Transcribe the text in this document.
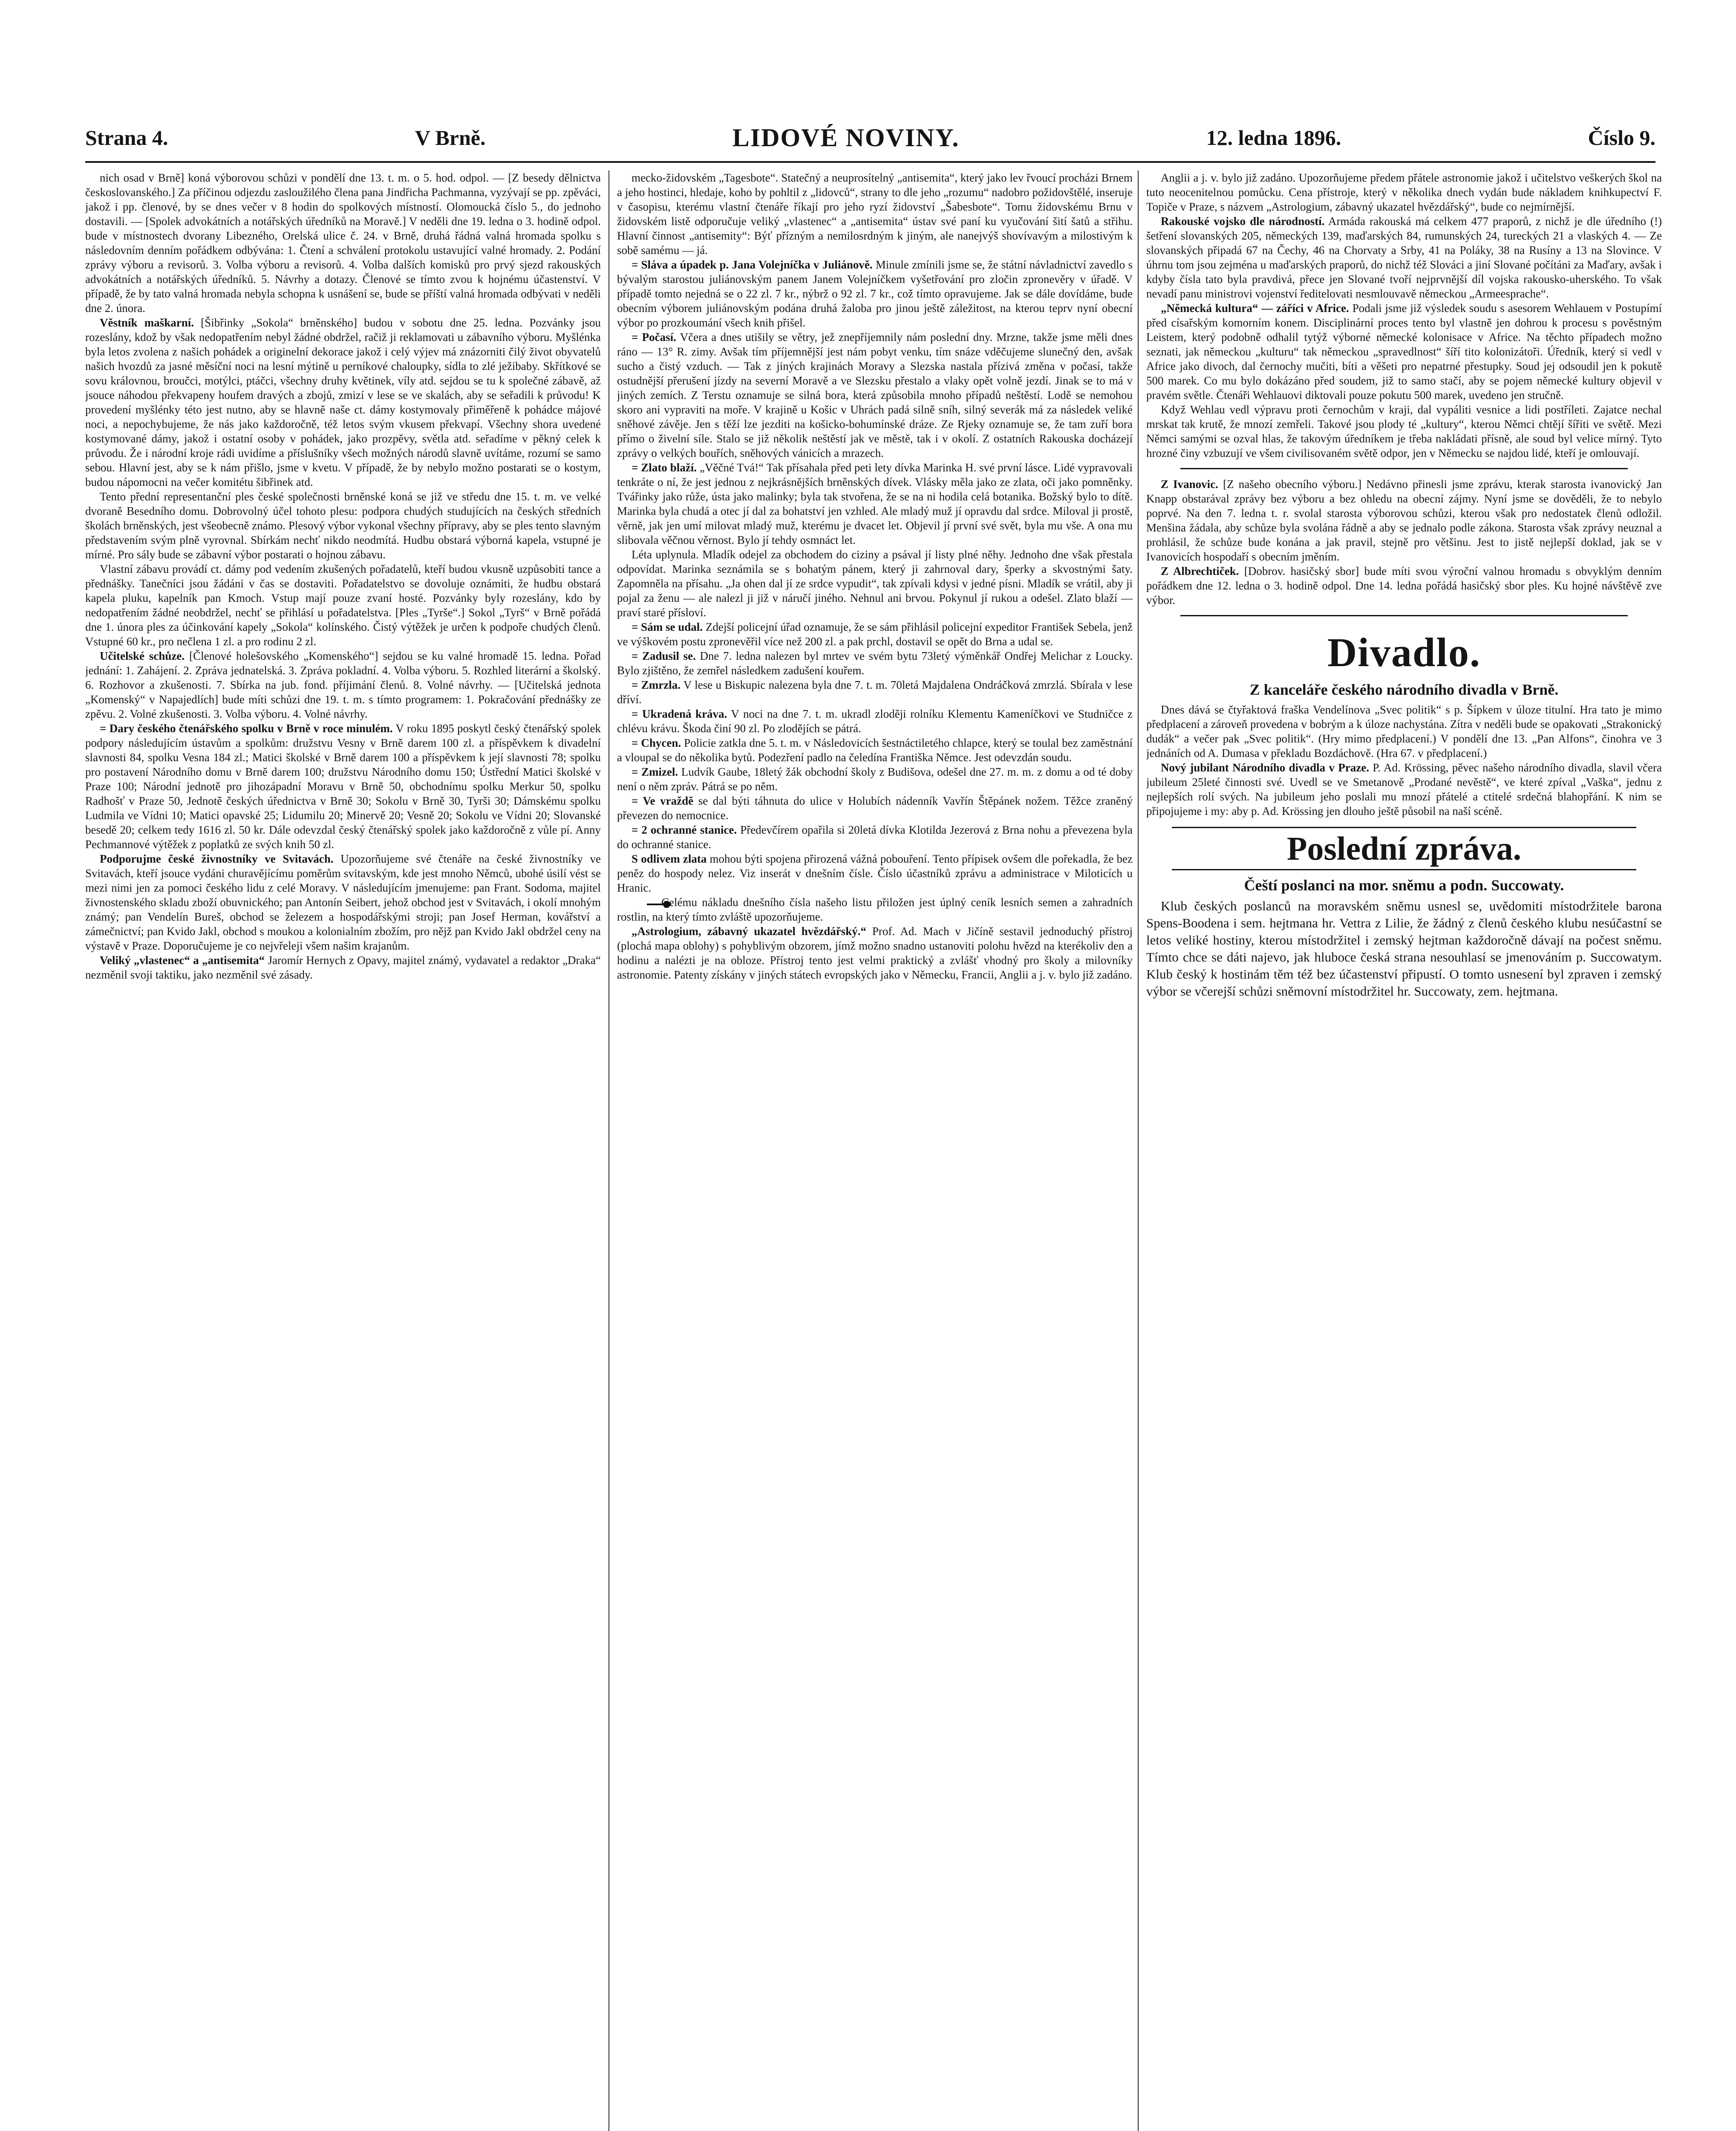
Strana 4.	V Brně.	LIDOVÉ NOVINY.	12. ledna 1896.	Číslo 9.

nich osad v Brně] koná výborovou schůzi v pondělí dne 13. t. m. o 5. hod. odpol. — [Z besedy dělnictva českoslovanského.] Za příčinou odjezdu zasloužilého člena pana Jindřicha Pachmanna, vyzývají se pp. zpěváci, jakož i pp. členové, by se dnes večer v 8 hodin do spolkových místností. Olomoucká číslo 5., do jednoho dostavili. — [Spolek advokátních a notářských úředníků na Moravě.] V neděli dne 19. ledna o 3. hodině odpol. bude v místnostech dvorany Libezného, Orelská ulice č. 24. v Brně, druhá řádná valná hromada spolku s následovním denním pořádkem odbývána: 1. Čtení a schválení protokolu ustavující valné hromady. 2. Podání zprávy výboru a revisorů. 3. Volba výboru a revisorů. 4. Volba dalších komisků pro prvý sjezd rakouských advokátních a notářských úředníků. 5. Návrhy a dotazy. Členové se tímto zvou k hojnému účastenství. V případě, že by tato valná hromada nebyla schopna k usnášení se, bude se příští valná hromada odbývati v neděli dne 2. února.

Věstník maškarní. [Šibřinky „Sokola“ brněnského] budou v sobotu dne 25. ledna. Pozvánky jsou rozeslány, kdož by však nedopatřením nebyl žádné obdržel, račiž ji reklamovati u zábavního výboru. Myšlénka byla letos zvolena z našich pohádek a originelní dekorace jakož i celý výjev má znázorniti čilý život obyvatelů našich hvozdů za jasné měsíční noci na lesní mýtině u perníkové chaloupky, sídla to zlé ježibaby. Skřítkové se sovu královnou, broučci, motýlci, ptáčci, všechny druhy květinek, víly atd. sejdou se tu k společné zábavě, až jsouce náhodou překvapeny houfem dravých a zbojů, zmizí v lese se ve skalách, aby se seřadili k průvodu! K provedení myšlénky této jest nutno, aby se hlavně naše ct. dámy kostymovaly přiměřeně k pohádce májové noci, a nepochybujeme, že nás jako každoročně, též letos svým vkusem překvapí. Všechny shora uvedené kostymované dámy, jakož i ostatní osoby v pohádek, jako prozpěvy, světla atd. seřadíme v pěkný celek k průvodu. Že i národní kroje rádi uvidíme a příslušníky všech možných národů slavně uvítáme, rozumí se samo sebou. Hlavní jest, aby se k nám přišlo, jsme v kvetu. V případě, že by nebylo možno postarati se o kostym, budou nápomocni na večer komitétu šibřinek atd.

Tento přední representanční ples české společnosti brněnské koná se již ve středu dne 15. t. m. ve velké dvoraně Besedního domu. Dobrovolný účel tohoto plesu: podpora chudých studujících na českých středních školách brněnských, jest všeobecně známo. Plesový výbor vykonal všechny přípravy, aby se ples tento slavným představením svým plně vyrovnal. Sbírkám nechť nikdo neodmítá. Hudbu obstará výborná kapela, vstupné je mírné. Pro sály bude se zábavní výbor postarati o hojnou zábavu.

Vlastní zábavu provádí ct. dámy pod vedením zkušených pořadatelů, kteří budou vkusně uzpůsobiti tance a přednášky. Tanečníci jsou žádáni v čas se dostaviti. Pořadatelstvo se dovoluje oznámiti, že hudbu obstará kapela pluku, kapelník pan Kmoch. Vstup mají pouze zvaní hosté. Pozvánky byly rozeslány, kdo by nedopatřením žádné neobdržel, nechť se přihlásí u pořadatelstva. [Ples „Tyrše“.] Sokol „Tyrš“ v Brně pořádá dne 1. února ples za účinkování kapely „Sokola“ kolínského. Čistý výtěžek je určen k podpoře chudých členů. Vstupné 60 kr., pro nečlena 1 zl. a pro rodinu 2 zl.

Učitelské schůze. [Členové holešovského „Komenského“] sejdou se ku valné hromadě 15. ledna. Pořad jednání: 1. Zahájení. 2. Zpráva jednatelská. 3. Zpráva pokladní. 4. Volba výboru. 5. Rozhled literární a školský. 6. Rozhovor a zkušenosti. 7. Sbírka na jub. fond. příjimání členů. 8. Volné návrhy. — [Učitelská jednota „Komenský“ v Napajedlích] bude míti schůzi dne 19. t. m. s tímto programem: 1. Pokračování přednášky ze zpěvu. 2. Volné zkušenosti. 3. Volba výboru. 4. Volné návrhy.

= Dary českého čtenářského spolku v Brně v roce minulém. V roku 1895 poskytl český čtenářský spolek podpory následujícím ústavům a spolkům: družstvu Vesny v Brně darem 100 zl. a příspěvkem k divadelní slavnosti 84, spolku Vesna 184 zl.; Matici školské v Brně darem 100 a příspěvkem k její slavnosti 78; spolku pro postavení Národního domu v Brně darem 100; družstvu Národního domu 150; Ústřední Matici školské v Praze 100; Národní jednotě pro jihozápadní Moravu v Brně 50, obchodnímu spolku Merkur 50, spolku Radhošť v Praze 50, Jednotě českých úřednictva v Brně 30; Sokolu v Brně 30, Tyrši 30; Dámskému spolku Ludmila ve Vídni 10; Matici opavské 25; Lidumilu 20; Minervě 20; Vesně 20; Sokolu ve Vídni 20; Slovanské besedě 20; celkem tedy 1616 zl. 50 kr. Dále odevzdal český čtenářský spolek jako každoročně z vůle pí. Anny Pechmannové výtěžek z poplatků ze svých knih 50 zl.

Podporujme české živnostníky ve Svitavách. Upozorňujeme své čtenáře na české živnostníky ve Svitavách, kteří jsouce vydáni churavějícímu poměrům svitavským, kde jest mnoho Němců, ubohé úsilí vést se mezi nimi jen za pomoci českého lidu z celé Moravy. V následujícím jmenujeme: pan Frant. Sodoma, majitel živnostenského skladu zboží obuvnického; pan Antonín Seibert, jehož obchod jest v Svitavách, i okolí mnohým známý; pan Vendelín Bureš, obchod se železem a hospodářskými stroji; pan Josef Herman, kovářství a zámečnictví; pan Kvido Jakl, obchod s moukou a kolonialním zbožím, pro nějž pan Kvido Jakl obdržel ceny na výstavě v Praze. Doporučujeme je co nejvřeleji všem našim krajanům.

Veliký „vlastenec“ a „antisemita“ Jaromír Hernych z Opavy, majitel známý, vydavatel a redaktor „Draka“ nezměnil svoji taktiku, jako nezměnil své zásady.

mecko-židovském „Tagesbote“. Statečný a neuprosítelný „antisemita“, který jako lev řvoucí procházi Brnem a jeho hostinci, hledaje, koho by pohltil z „lidovců“, strany to dle jeho „rozumu“ nadobro požidovštělé, inseruje v časopisu, kterému vlastní čtenáře říkají pro jeho ryzí židovství „Šabesbote“. Tomu židovskému Brnu v židovském listě odporučuje veliký „vlastenec“ a „antisemita“ ústav své paní ku vyučování šití šatů a střihu. Hlavní činnost „antisemity“: Býť přízným a nemilosrdným k jiným, ale nanejvýš shovívavým a milostivým k sobě samému — já.

= Sláva a úpadek p. Jana Volejníčka v Juliánově. Minule zmínili jsme se, že státní návladnictví zavedlo s bývalým starostou juliánovským panem Janem Volejníčkem vyšetřování pro zločin zpronevěry v úřadě. V případě tomto nejedná se o 22 zl. 7 kr., nýbrž o 92 zl. 7 kr., což tímto opravujeme. Jak se dále dovídáme, bude obecním výborem juliánovským podána druhá žaloba pro jinou ještě záležitost, na kterou teprv nyní obecní výbor po prozkoumání všech knih přišel.

= Počasí. Včera a dnes utišily se větry, jež znepříjemnily nám poslední dny. Mrzne, takže jsme měli dnes ráno — 13° R. zimy. Avšak tím příjemnější jest nám pobyt venku, tím snáze vděčujeme slunečný den, avšak sucho a čistý vzduch. — Tak z jiných krajinách Moravy a Slezska nastala přízivá změna v počasí, takže ostudnější přerušení jízdy na severní Moravě a ve Slezsku přestalo a vlaky opět volně jezdí. Jinak se to má v jiných zemích. Z Terstu oznamuje se silná bora, která způsobila mnoho případů neštěstí. Lodě se nemohou skoro ani vypraviti na moře. V krajině u Košic v Uhrách padá silně sníh, silný severák má za následek veliké sněhové závěje. Jen s těží lze jezditi na košicko-bohumínské dráze. Ze Rjeky oznamuje se, že tam zuří bora přímo o živelní síle. Stalo se již několik neštěstí jak ve městě, tak i v okolí. Z ostatních Rakouska docházejí zprávy o velkých bouřích, sněhových vánicích a mrazech.

= Zlato blaží. „Věčné Tvá!“ Tak přísahala před peti lety dívka Marinka H. své první lásce. Lidé vypravovali tenkráte o ní, že jest jednou z nejkrásnějších brněnských dívek. Vlásky měla jako ze zlata, oči jako pomněnky. Tvářinky jako růže, ústa jako malinky; byla tak stvořena, že se na ni hodila celá botanika. Božský bylo to dítě. Marinka byla chudá a otec jí dal za bohatství jen vzhled. Ale mladý muž jí opravdu dal srdce. Miloval ji prostě, věrně, jak jen umí milovat mladý muž, kterému je dvacet let. Objevil jí první své svět, byla mu vše. A ona mu slibovala věčnou věrnost. Bylo jí tehdy osmnáct let.

Léta uplynula. Mladík odejel za obchodem do ciziny a psával jí listy plné něhy. Jednoho dne však přestala odpovídat. Marinka seznámila se s bohatým pánem, který ji zahrnoval dary, šperky a skvostnými šaty. Zapomněla na přísahu. „Ja ohen dal jí ze srdce vypudit“, tak zpívali kdysi v jedné písni. Mladík se vrátil, aby ji pojal za ženu — ale nalezl ji již v náručí jiného. Nehnul ani brvou. Pokynul jí rukou a odešel. Zlato blaží — praví staré přísloví.

= Sám se udal. Zdejší policejní úřad oznamuje, že se sám přihlásil policejní expeditor František Sebela, jenž ve výškovém postu zpronevěřil více než 200 zl. a pak prchl, dostavil se opět do Brna a udal se.

= Zadusil se. Dne 7. ledna nalezen byl mrtev ve svém bytu 73letý výměnkář Ondřej Melichar z Loucky. Bylo zjištěno, že zemřel následkem zadušení kouřem.

= Zmrzla. V lese u Biskupic nalezena byla dne 7. t. m. 70letá Majdalena Ondráčková zmrzlá. Sbírala v lese dříví.

= Ukradená kráva. V noci na dne 7. t. m. ukradl zloději rolníku Klementu Kameníčkovi ve Studničce z chlévu krávu. Škoda činí 90 zl. Po zlodějích se pátrá.

= Chycen. Policie zatkla dne 5. t. m. v Následovicích šestnáctiletého chlapce, který se toulal bez zaměstnání a vloupal se do několika bytů. Podezření padlo na čeledína Františka Němce. Jest odevzdán soudu.

= Zmizel. Ludvík Gaube, 18letý žák obchodní školy z Budišova, odešel dne 27. m. m. z domu a od té doby není o něm zpráv. Pátrá se po něm.

= Ve vraždě se dal býti táhnuta do ulice v Holubích nádenník Vavřín Štěpánek nožem. Těžce zraněný převezen do nemocnice.

= 2 ochranné stanice. Předevčírem opařila si 20letá dívka Klotilda Jezerová z Brna nohu a převezena byla do ochranné stanice.

S odlivem zlata mohou býti spojena přirozená vážná pobouření. Tento přípisek ovšem dle pořekadla, že bez peněz do hospody nelez. Viz inserát v dnešním čísle. Číslo účastníků zprávu a administrace v Miloticích u Hranic.

Celému nákladu dnešního čísla našeho listu přiložen jest úplný ceník lesních semen a zahradních rostlin, na který tímto zvláště upozorňujeme.

„Astrologium, zábavný ukazatel hvězdářský.“ Prof. Ad. Mach v Jičíně sestavil jednoduchý přístroj (plochá mapa oblohy) s pohyblivým obzorem, jímž možno snadno ustanoviti polohu hvězd na kterékoliv den a hodinu a nalézti je na obloze. Přístroj tento jest velmi praktický a zvlášť vhodný pro školy a milovníky astronomie. Patenty získány v jiných státech evropských jako v Německu, Francii, Anglii a j. v. bylo již zadáno.

Anglii a j. v. bylo již zadáno. Upozorňujeme předem přátele astronomie jakož i učitelstvo veškerých škol na tuto neocenitelnou pomůcku. Cena přístroje, který v několika dnech vydán bude nákladem knihkupectví F. Topiče v Praze, s názvem „Astrologium, zábavný ukazatel hvězdářský“, bude co nejmírnější.

Rakouské vojsko dle národností. Armáda rakouská má celkem 477 praporů, z nichž je dle úředního (!) šetření slovanských 205, německých 139, maďarských 84, rumunských 24, tureckých 21 a vlaských 4. — Ze slovanských připadá 67 na Čechy, 46 na Chorvaty a Srby, 41 na Poláky, 38 na Rusíny a 13 na Slovince. V úhrnu tom jsou zejména u maďarských praporů, do nichž též Slováci a jiní Slované počítáni za Maďary, avšak i kdyby čísla tato byla pravdivá, přece jen Slované tvoří nejprvnější díl vojska rakousko-uherského. To však nevadí panu ministrovi vojenství ředitelovati nesmlouvavě německou „Armeesprache“.

„Německá kultura“ — záříci v Africe. Podali jsme již výsledek soudu s asesorem Wehlauem v Postupímí před císařským komorním konem. Disciplinární proces tento byl vlastně jen dohrou k procesu s pověstným Leistem, který podobně odhalil tytýž výborné německé kolonisace v Africe. Na těchto případech možno seznati, jak německou „kulturu“ tak německou „spravedlnost“ šíří tito kolonizátoři. Úředník, který si vedl v Africe jako divoch, dal černochy mučiti, bíti a věšeti pro nepatrné přestupky. Soud jej odsoudil jen k pokutě 500 marek. Co mu bylo dokázáno před soudem, již to samo stačí, aby se pojem německé kultury objevil v pravém světle. Čtenáři Wehlauovi diktovali pouze pokutu 500 marek, uvedeno jen stručně.

Když Wehlau vedl výpravu proti černochům v kraji, dal vypáliti vesnice a lidi postříleti. Zajatce nechal mrskat tak krutě, že mnozí zemřeli. Takové jsou plody té „kultury“, kterou Němci chtějí šířiti ve světě. Mezi Němci samými se ozval hlas, že takovým úředníkem je třeba nakládati přísně, ale soud byl velice mírný. Tyto hrozné činy vzbuzují ve všem civilisovaném světě odpor, jen v Německu se najdou lidé, kteří je omlouvají.

Z Ivanovic. [Z našeho obecního výboru.] Nedávno přinesli jsme zprávu, kterak starosta ivanovický Jan Knapp obstarával zprávy bez výboru a bez ohledu na obecní zájmy. Nyní jsme se dověděli, že to nebylo poprvé. Na den 7. ledna t. r. svolal starosta výborovou schůzi, kterou však pro nedostatek členů odložil. Menšina žádala, aby schůze byla svolána řádně a aby se jednalo podle zákona. Starosta však zprávy neuznal a prohlásil, že schůze bude konána a jak pravil, stejně pro většinu. Jest to jistě nejlepší doklad, jak se v Ivanovicích hospodaří s obecním jměním.

Z Albrechtiček. [Dobrov. hasičský sbor] bude míti svou výroční valnou hromadu s obvyklým denním pořádkem dne 12. ledna o 3. hodině odpol. Dne 14. ledna pořádá hasičský sbor ples. Ku hojné návštěvě zve výbor.

Divadlo.
Z kanceláře českého národního divadla v Brně.

Dnes dává se čtyřaktová fraška Vendelínova „Svec politik“ s p. Šípkem v úloze titulní. Hra tato je mimo předplacení a zároveň provedena v bobrým a k úloze nachystána. Zítra v neděli bude se opakovati „Strakonický dudák“ a večer pak „Svec politik“. (Hry mimo předplacení.) V pondělí dne 13. „Pan Alfons“, činohra ve 3 jednáních od A. Dumasa v překladu Bozdáchově. (Hra 67. v předplacení.)

Nový jubilant Národního divadla v Praze. P. Ad. Krössing, pěvec našeho národního divadla, slavil včera jubileum 25leté činnosti své. Uvedl se ve Smetanově „Prodané nevěstě“, ve které zpíval „Vaška“, jednu z nejlepších rolí svých. Na jubileum jeho poslali mu mnozí přátelé a ctitelé srdečná blahopřání. K nim se připojujeme i my: aby p. Ad. Krössing jen dlouho ještě působil na naší scéně.

Poslední zpráva.
Čeští poslanci na mor. sněmu a podn. Succowaty.

Klub českých poslanců na moravském sněmu usnesl se, uvědomiti místodržitele barona Spens-Boodena i sem. hejtmana hr. Vettra z Lilie, že žádný z členů českého klubu nesúčastní se letos veliké hostiny, kterou místodržitel i zemský hejtman každoročně dávají na počest sněmu. Tímto chce se dáti najevo, jak hluboce česká strana nesouhlasí se jmenováním p. Succowatym. Klub český k hostinám těm též bez účastenství připustí. O tomto usnesení byl zpraven i zemský výbor se včerejší schůzi sněmovní místodržitel hr. Succowaty, zem. hejtmana.
